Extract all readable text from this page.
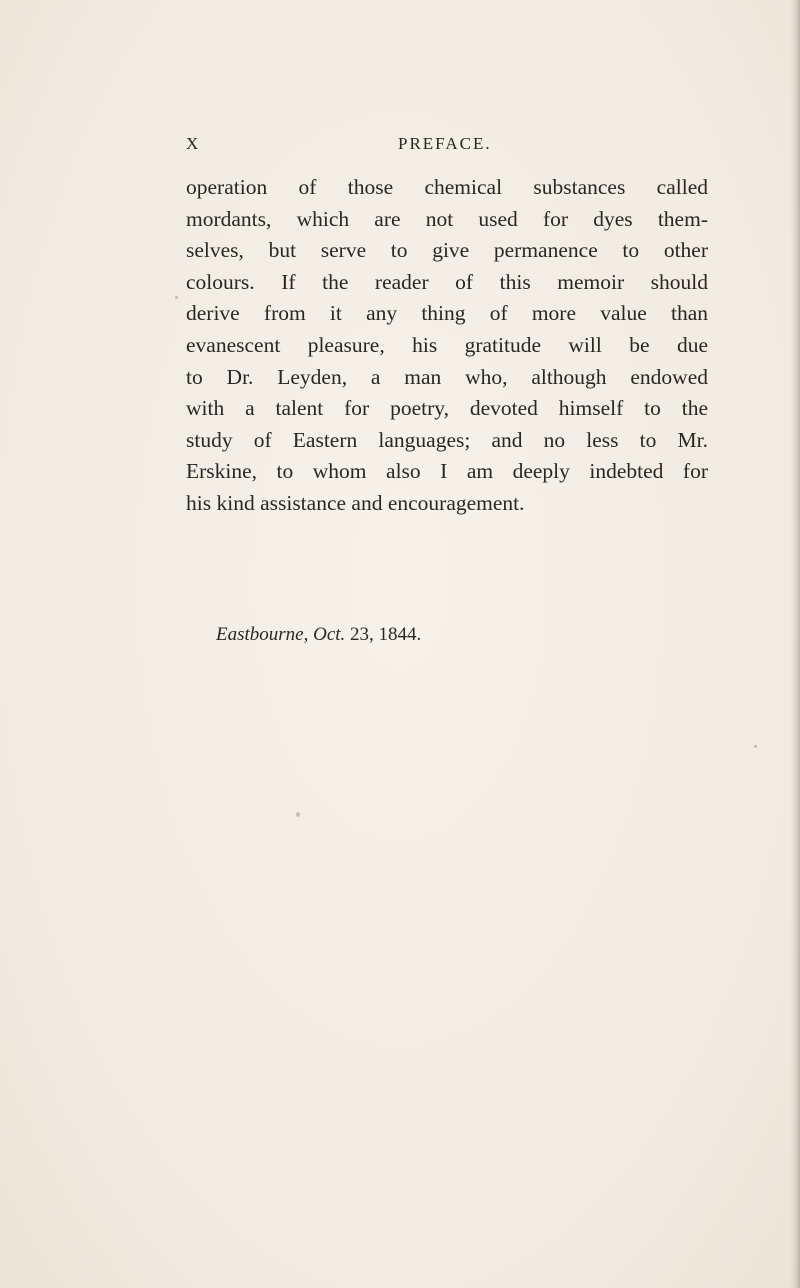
X	PREFACE.
operation of those chemical substances called
mordants, which are not used for dyes them-
selves, but serve to give permanence to other
colours. If the reader of this memoir should
derive from it any thing of more value than
evanescent pleasure, his gratitude will be due
to Dr. Leyden, a man who, although endowed
with a talent for poetry, devoted himself to the
study of Eastern languages; and no less to Mr.
Erskine, to whom also I am deeply indebted for
his kind assistance and encouragement.
Eastbourne, Oct. 23, 1844.
